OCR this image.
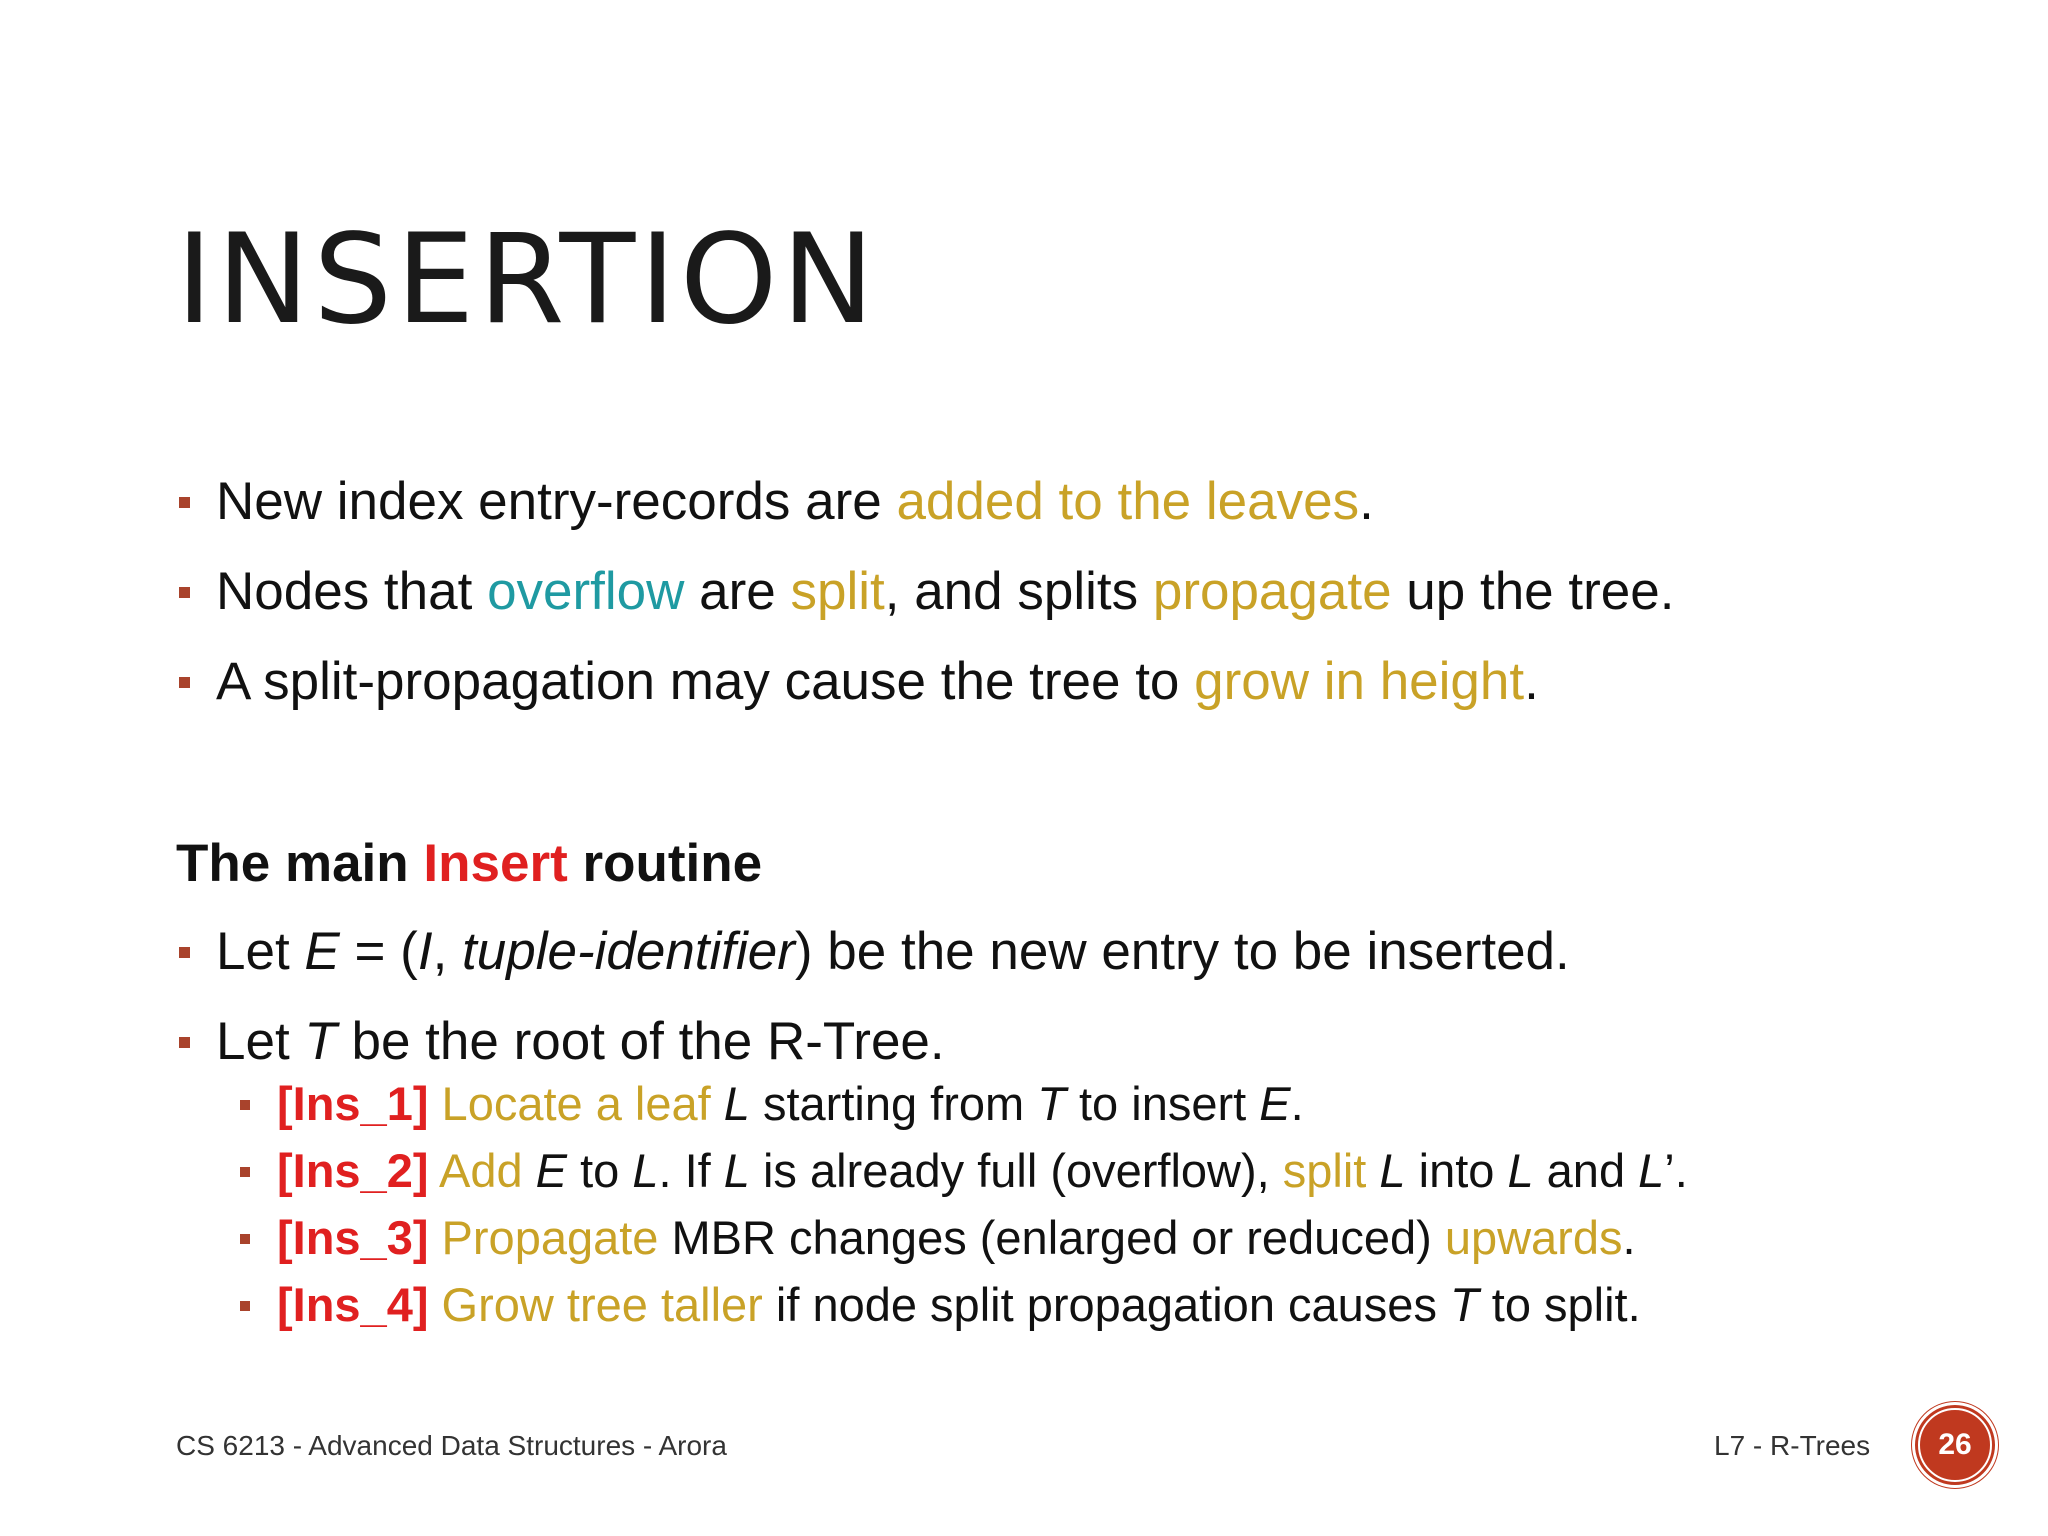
INSERTION
New index entry-records are added to the leaves.
Nodes that overflow are split, and splits propagate up the tree.
A split-propagation may cause the tree to grow in height.

The main Insert routine

Let E = (I, tuple-identifier) be the new entry to be inserted.
Let T be the root of the R-Tree.
[Ins_1] Locate a leaf L starting from T to insert E.
[Ins_2] Add E to L. If L is already full (overflow), split L into L and L’.
[Ins_3] Propagate MBR changes (enlarged or reduced) upwards.
[Ins_4] Grow tree taller if node split propagation causes T to split.
CS 6213 - Advanced Data Structures - Arora	L7 - R-Trees	26
